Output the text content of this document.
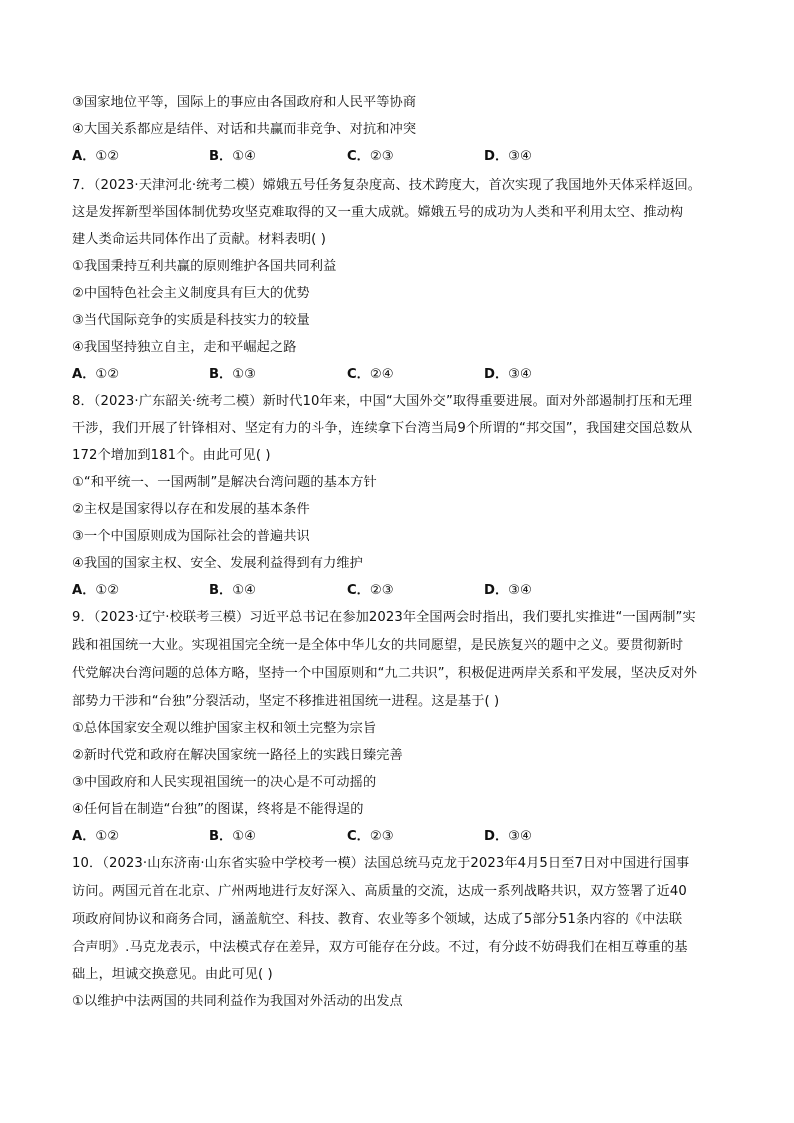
③国家地位平等，国际上的事应由各国政府和人民平等协商
④大国关系都应是结伴、对话和共赢而非竞争、对抗和冲突
A．①②	B．①④	C．②③	D．③④
7．（2023·天津河北·统考二模）嫦娥五号任务复杂度高、技术跨度大，首次实现了我国地外天体采样返回。
这是发挥新型举国体制优势攻坚克难取得的又一重大成就。嫦娥五号的成功为人类和平利用太空、推动构
建人类命运共同体作出了贡献。材料表明( )
①我国秉持互利共赢的原则维护各国共同利益
②中国特色社会主义制度具有巨大的优势
③当代国际竞争的实质是科技实力的较量
④我国坚持独立自主，走和平崛起之路
A．①②	B．①③	C．②④	D．③④
8．（2023·广东韶关·统考二模）新时代10年来，中国“大国外交”取得重要进展。面对外部遏制打压和无理
干涉，我们开展了针锋相对、坚定有力的斗争，连续拿下台湾当局9个所谓的“邦交国”，我国建交国总数从
172个增加到181个。由此可见( )
①“和平统一、一国两制”是解决台湾问题的基本方针
②主权是国家得以存在和发展的基本条件
③一个中国原则成为国际社会的普遍共识
④我国的国家主权、安全、发展利益得到有力维护
A．①②	B．①④	C．②③	D．③④
9．（2023·辽宁·校联考三模）习近平总书记在参加2023年全国两会时指出，我们要扎实推进“一国两制”实
践和祖国统一大业。实现祖国完全统一是全体中华儿女的共同愿望，是民族复兴的题中之义。要贯彻新时
代党解决台湾问题的总体方略，坚持一个中国原则和“九二共识”，积极促进两岸关系和平发展，坚决反对外
部势力干涉和“台独”分裂活动，坚定不移推进祖国统一进程。这是基于( )
①总体国家安全观以维护国家主权和领土完整为宗旨
②新时代党和政府在解决国家统一路径上的实践日臻完善
③中国政府和人民实现祖国统一的决心是不可动摇的
④任何旨在制造“台独”的图谋，终将是不能得逞的
A．①②	B．①④	C．②③	D．③④
10．（2023·山东济南·山东省实验中学校考一模）法国总统马克龙于2023年4月5日至7日对中国进行国事
访问。两国元首在北京、广州两地进行友好深入、高质量的交流，达成一系列战略共识，双方签署了近40
项政府间协议和商务合同，涵盖航空、科技、教育、农业等多个领域，达成了5部分51条内容的《中法联
合声明》.马克龙表示，中法模式存在差异，双方可能存在分歧。不过，有分歧不妨碍我们在相互尊重的基
础上，坦诚交换意见。由此可见( )
①以维护中法两国的共同利益作为我国对外活动的出发点
